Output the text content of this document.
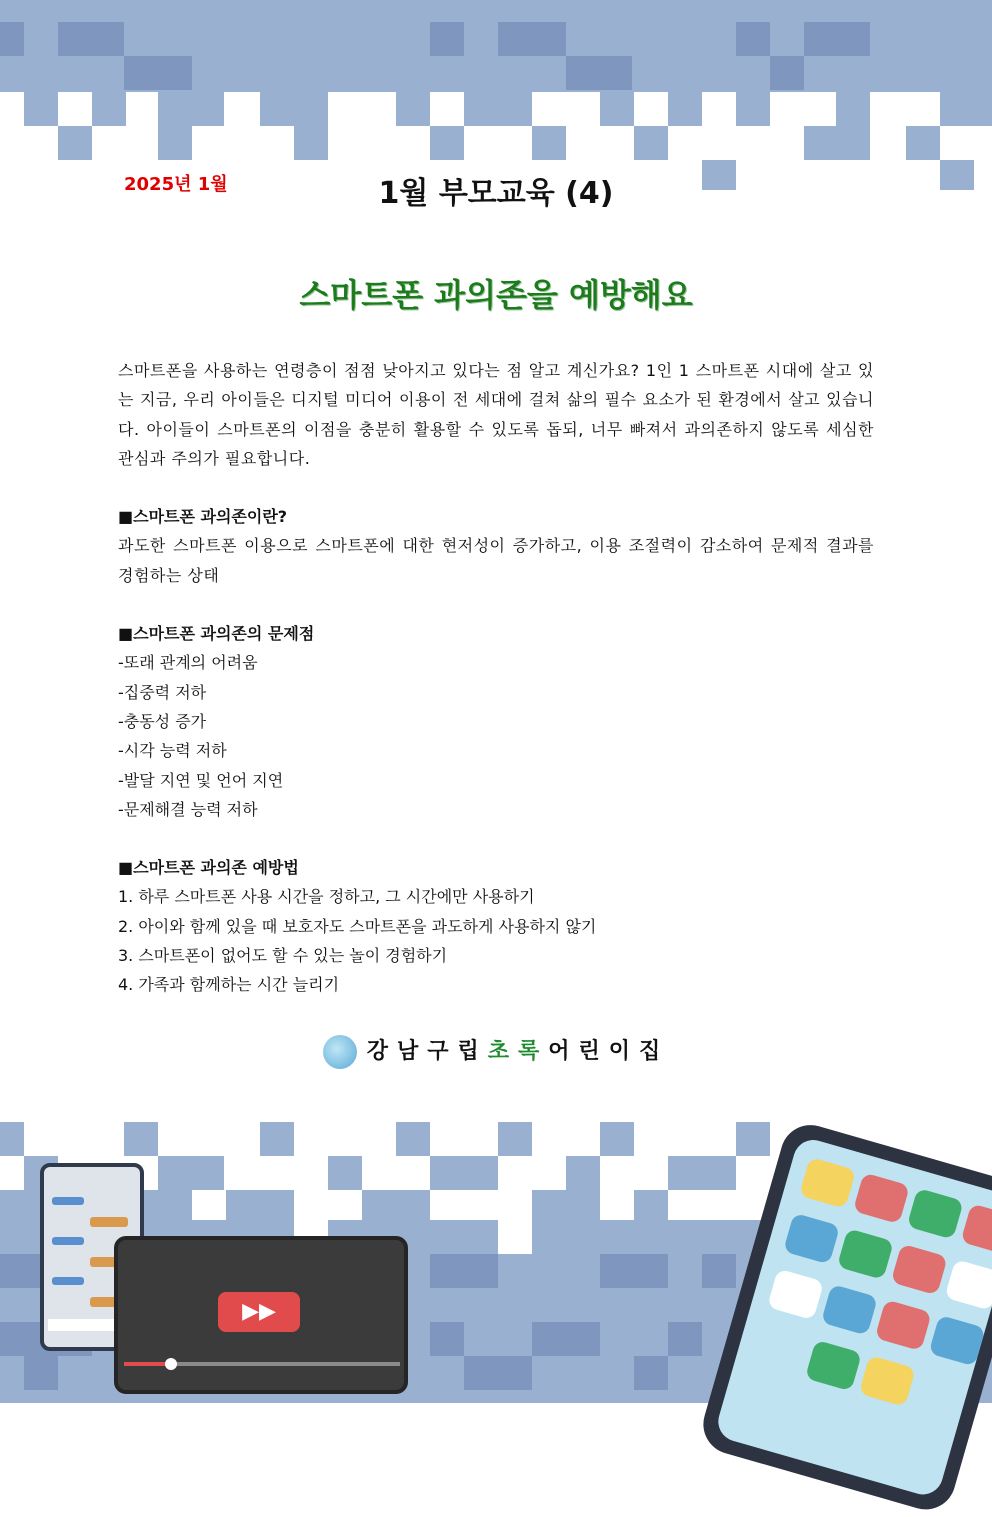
2025년 1월	1월 부모교육 (4)
스마트폰 과의존을 예방해요

스마트폰을 사용하는 연령층이 점점 낮아지고 있다는 점 알고 계신가요? 1인 1 스마트폰 시대에 살고 있는 지금, 우리 아이들은 디지털 미디어 이용이 전 세대에 걸쳐 삶의 필수 요소가 된 환경에서 살고 있습니다. 아이들이 스마트폰의 이점을 충분히 활용할 수 있도록 돕되, 너무 빠져서 과의존하지 않도록 세심한 관심과 주의가 필요합니다.

■스마트폰 과의존이란?

과도한 스마트폰 이용으로 스마트폰에 대한 현저성이 증가하고, 이용 조절력이 감소하여 문제적 결과를 경험하는 상태

■스마트폰 과의존의 문제점

-또래 관계의 어려움

-집중력 저하

-충동성 증가

-시각 능력 저하

-발달 지연 및 언어 지연

-문제해결 능력 저하

■스마트폰 과의존 예방법

1. 하루 스마트폰 사용 시간을 정하고, 그 시간에만 사용하기

2. 아이와 함께 있을 때 보호자도 스마트폰을 과도하게 사용하지 않기

3. 스마트폰이 없어도 할 수 있는 놀이 경험하기

4. 가족과 함께하는 시간 늘리기

강남구립초록어린이집
▶▶
